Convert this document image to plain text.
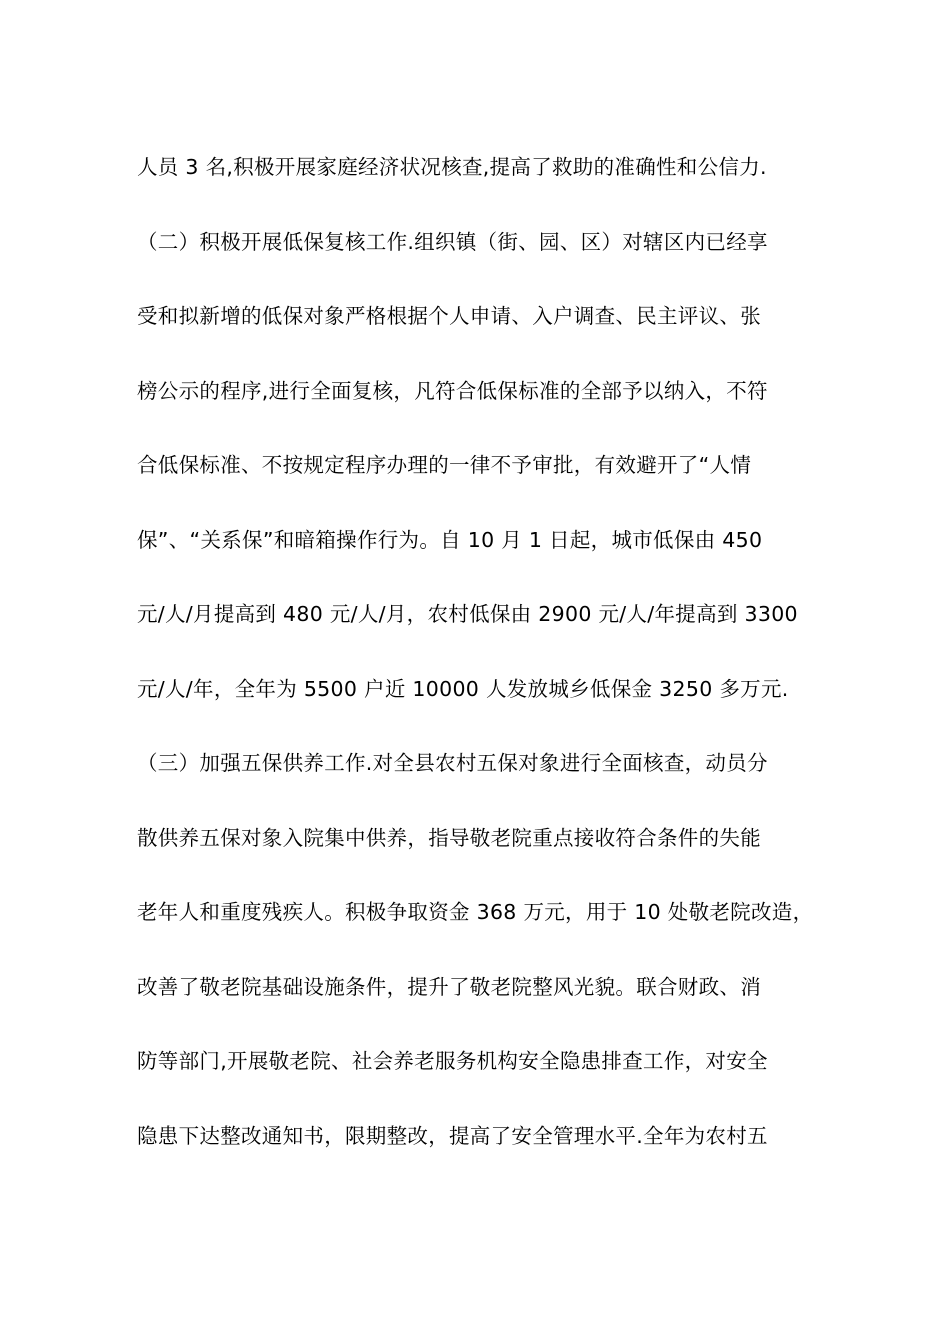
人员 3 名,积极开展家庭经济状况核查,提高了救助的准确性和公信力.
（二）积极开展低保复核工作.组织镇（街、园、区）对辖区内已经享
受和拟新增的低保对象严格根据个人申请、入户调查、民主评议、张
榜公示的程序,进行全面复核，凡符合低保标准的全部予以纳入，不符
合低保标准、不按规定程序办理的一律不予审批，有效避开了“人情
保”、“关系保”和暗箱操作行为。自 10 月 1 日起，城市低保由 450
元/人/月提高到 480 元/人/月，农村低保由 2900 元/人/年提高到 3300
元/人/年，全年为 5500 户近 10000 人发放城乡低保金 3250 多万元.
（三）加强五保供养工作.对全县农村五保对象进行全面核查，动员分
散供养五保对象入院集中供养，指导敬老院重点接收符合条件的失能
老年人和重度残疾人。积极争取资金 368 万元，用于 10 处敬老院改造，
改善了敬老院基础设施条件，提升了敬老院整风光貌。联合财政、消
防等部门,开展敬老院、社会养老服务机构安全隐患排查工作，对安全
隐患下达整改通知书，限期整改，提高了安全管理水平.全年为农村五
